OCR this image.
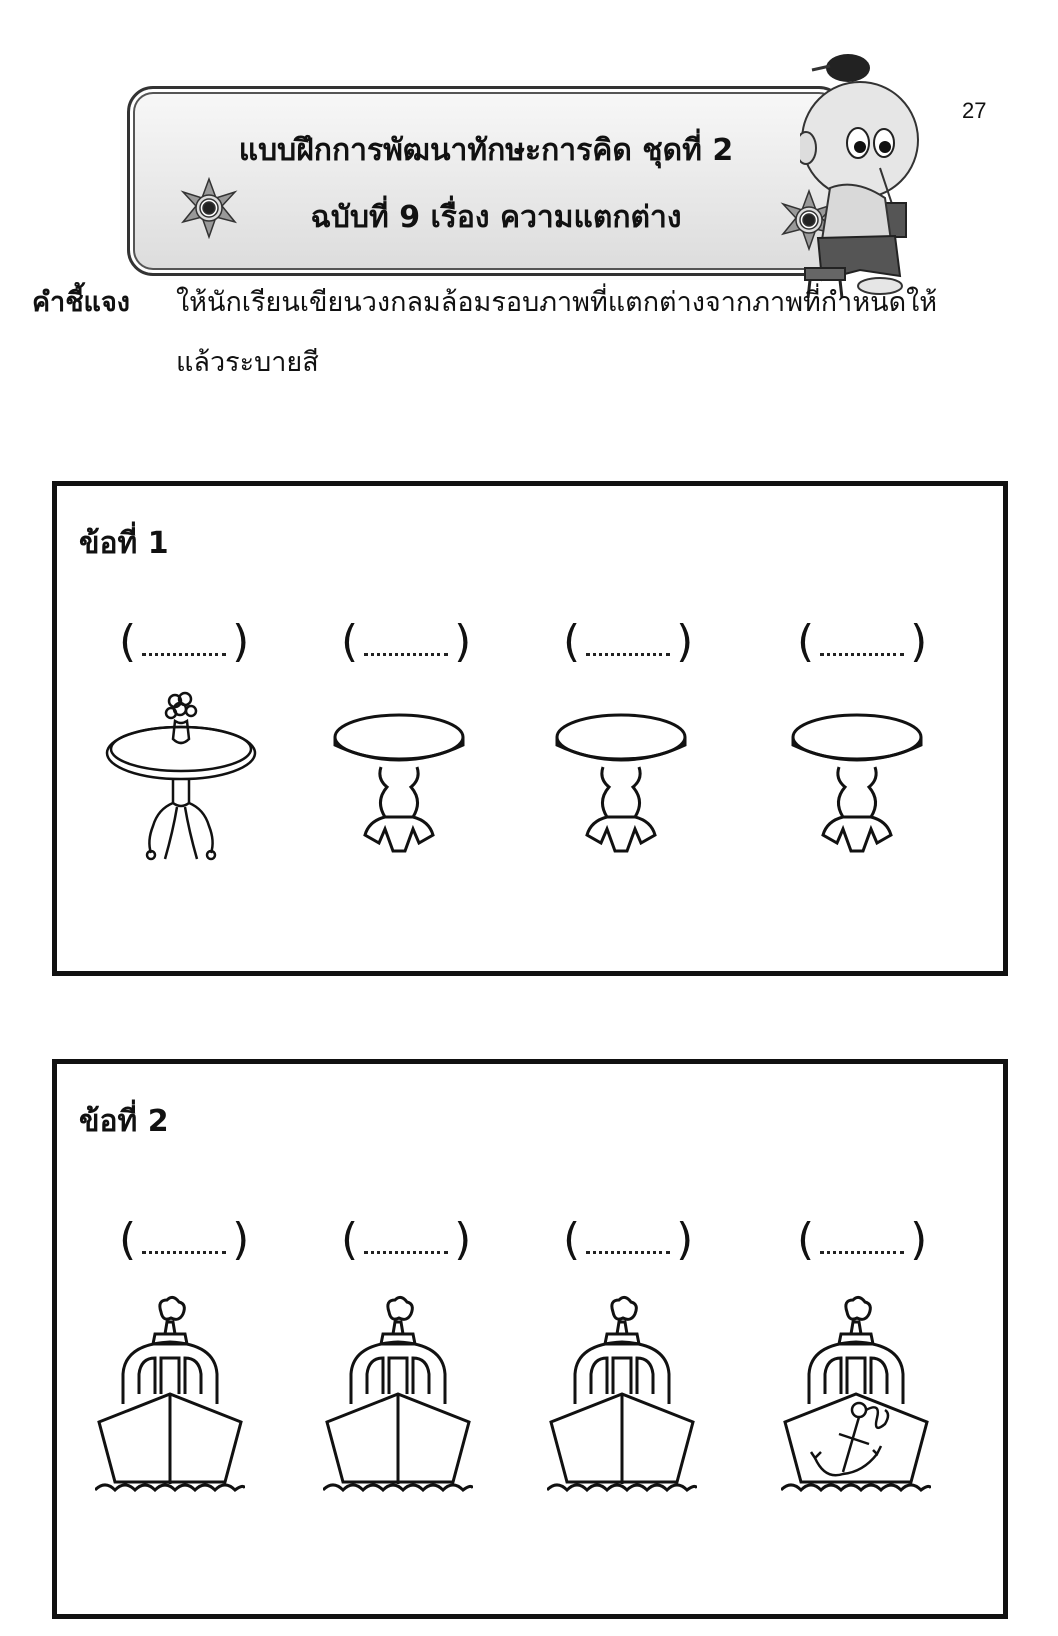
27
แบบฝึกการพัฒนาทักษะการคิด ชุดที่ 2
ฉบับที่ 9 เรื่อง ความแตกต่าง
คำชี้แจง ให้นักเรียนเขียนวงกลมล้อมรอบภาพที่แตกต่างจากภาพที่กำหนดให้
แล้วระบายสี
ข้อที่ 1
( ) ( ) ( ) ( )
ข้อที่ 2
( ) ( ) ( ) ( )
